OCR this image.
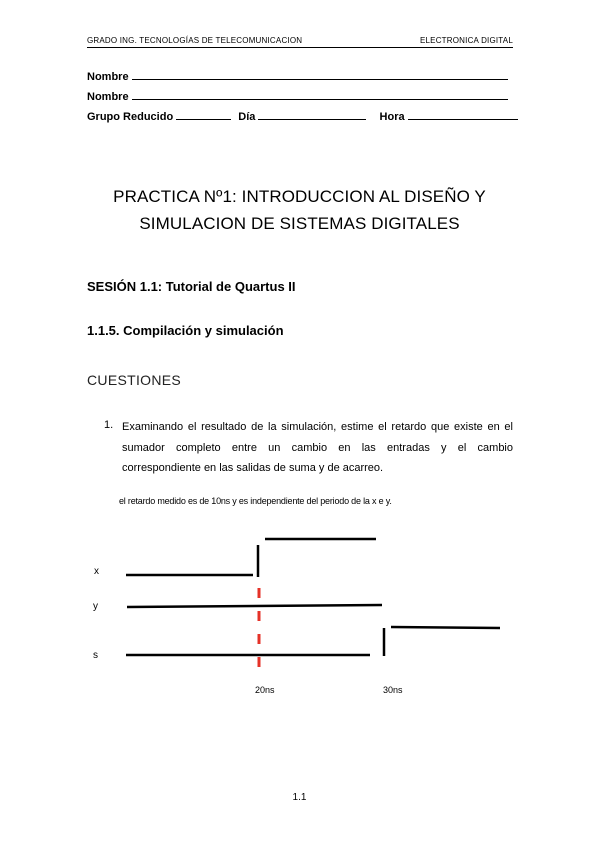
GRADO ING. TECNOLOGÍAS DE TELECOMUNICACION	ELECTRONICA DIGITAL
Nombre
Nombre
Grupo Reducido	Día	Hora
PRACTICA Nº1: INTRODUCCION AL DISEÑO Y
SIMULACION DE SISTEMAS DIGITALES
SESIÓN 1.1: Tutorial de Quartus II
1.1.5. Compilación y simulación
CUESTIONES
1. Examinando el resultado de la simulación, estime el retardo que existe en el sumador completo entre un cambio en las entradas y el cambio correspondiente en las salidas de suma y de acarreo.
el retardo medido es de 10ns y es independiente del periodo de la x e y.
x
y
s
20ns	30ns
1.1
